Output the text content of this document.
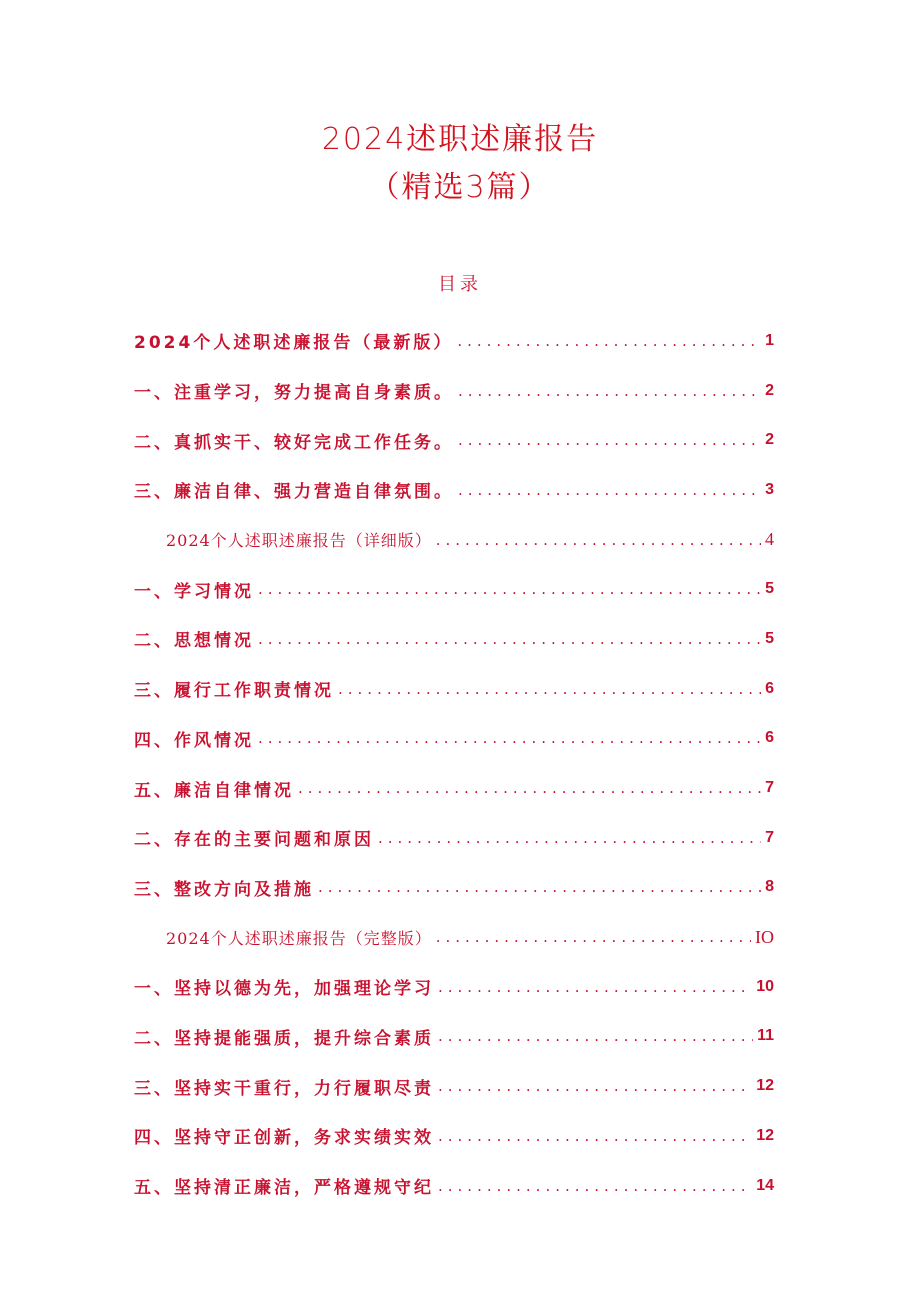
2024述职述廉报告
（精选3篇）
目录
2024个人述职述廉报告（最新版） .....	1
一、注重学习，努力提高自身素质。 .....	2
二、真抓实干、较好完成工作任务。 .....	2
三、廉洁自律、强力营造自律氛围。 .....	3
2024个人述职述廉报告（详细版） .....	4
一、学习情况 .....	5
二、思想情况 .....	5
三、履行工作职责情况 .....	6
四、作风情况 .....	6
五、廉洁自律情况 .....	7
二、存在的主要问题和原因 .....	7
三、整改方向及措施 .....	8
2024个人述职述廉报告（完整版） .....	IO
一、坚持以德为先，加强理论学习 .....	10
二、坚持提能强质，提升综合素质 .....	11
三、坚持实干重行，力行履职尽责 .....	12
四、坚持守正创新，务求实绩实效 .....	12
五、坚持清正廉洁，严格遵规守纪 .....	14
